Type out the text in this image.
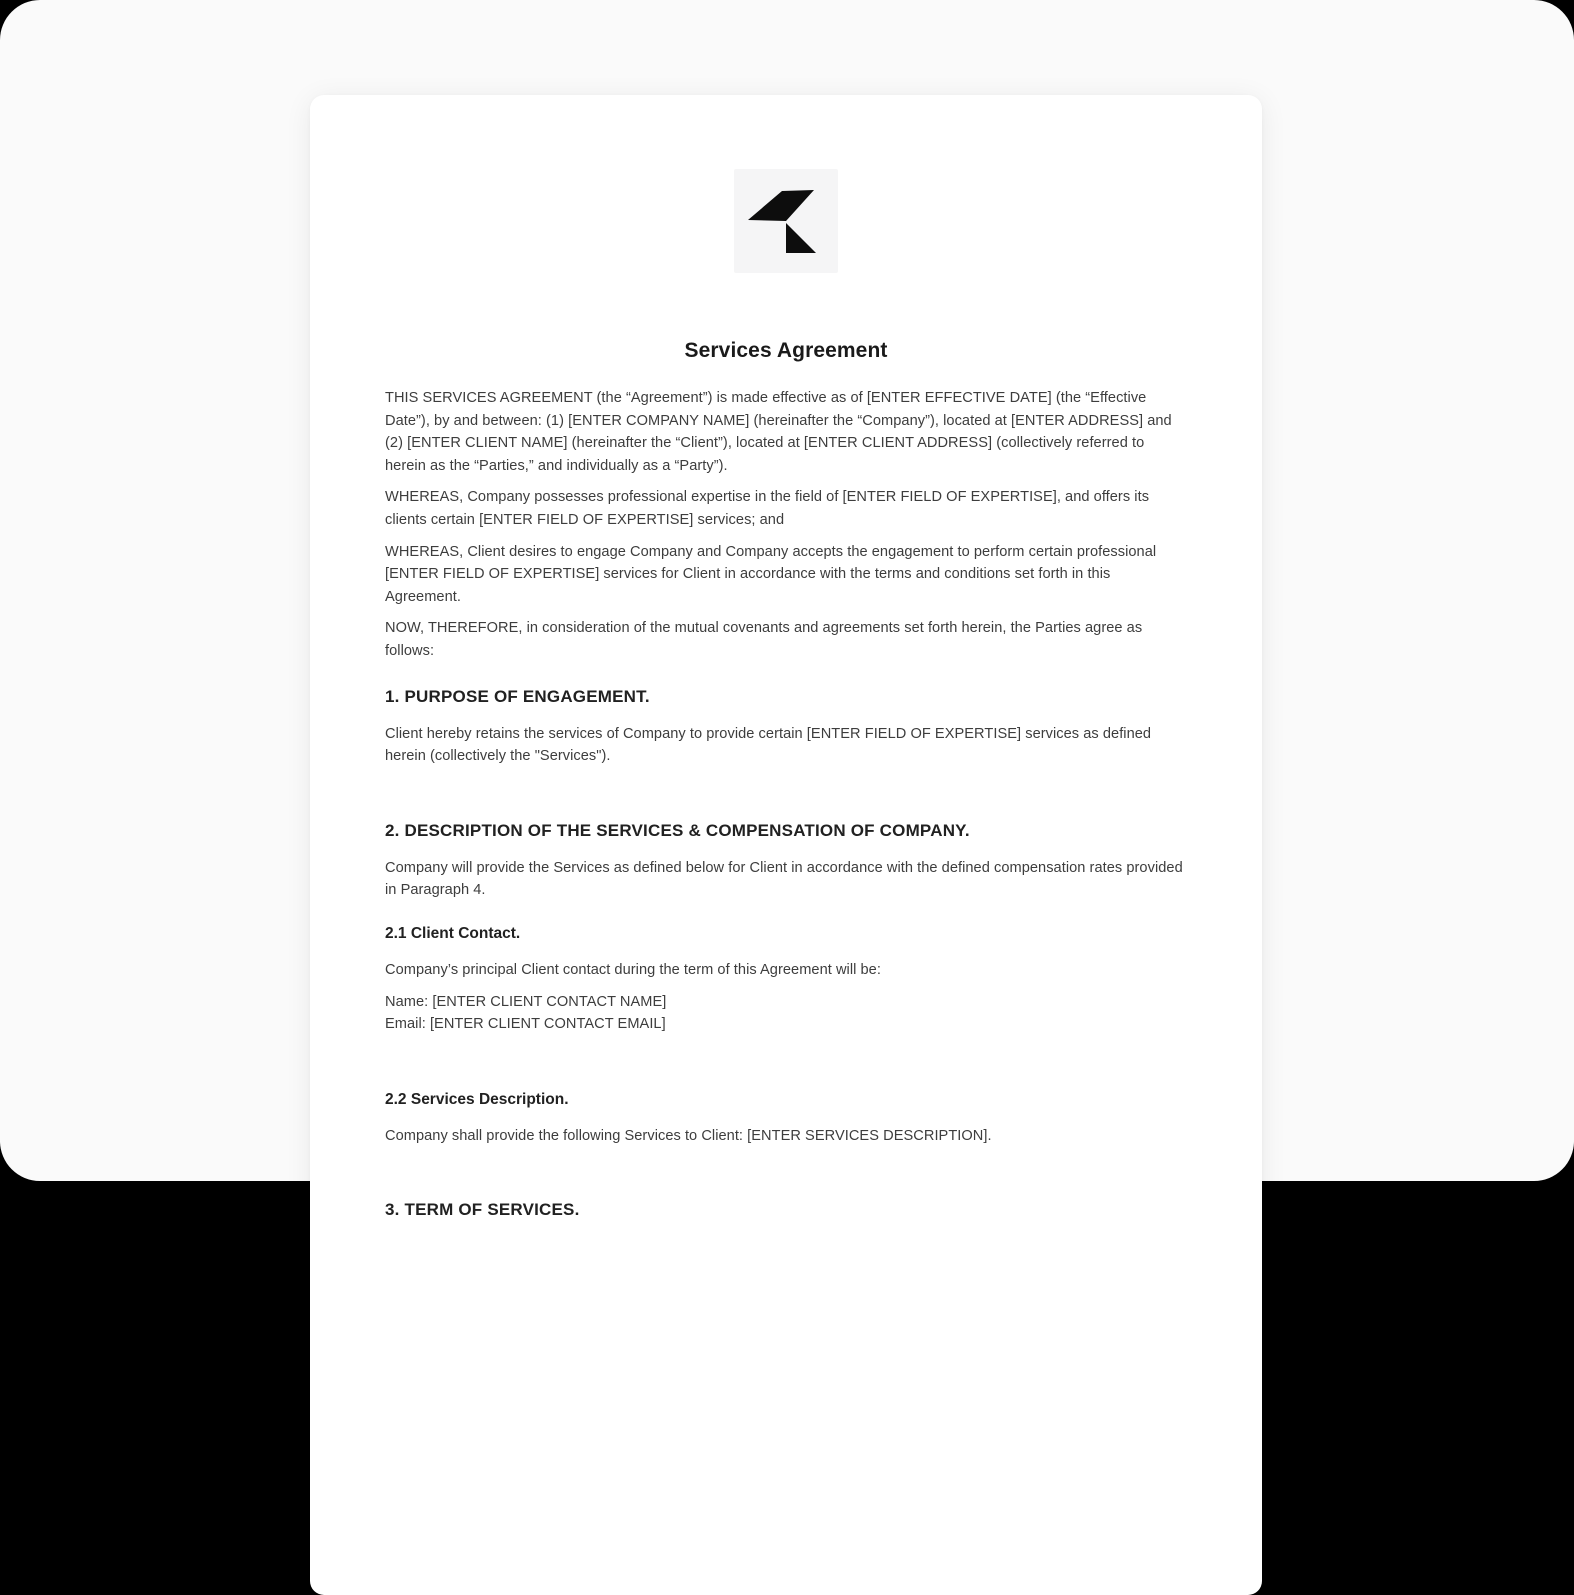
Services Agreement

THIS SERVICES AGREEMENT (the “Agreement”) is made effective as of [ENTER EFFECTIVE DATE] (the “Effective Date”), by and between: (1) [ENTER COMPANY NAME] (hereinafter the “Company”), located at [ENTER ADDRESS] and (2) [ENTER CLIENT NAME] (hereinafter the “Client”), located at [ENTER CLIENT ADDRESS] (collectively referred to herein as the “Parties,” and individually as a “Party”).

WHEREAS, Company possesses professional expertise in the field of [ENTER FIELD OF EXPERTISE], and offers its clients certain [ENTER FIELD OF EXPERTISE] services; and

WHEREAS, Client desires to engage Company and Company accepts the engagement to perform certain professional [ENTER FIELD OF EXPERTISE] services for Client in accordance with the terms and conditions set forth in this Agreement.

NOW, THEREFORE, in consideration of the mutual covenants and agreements set forth herein, the Parties agree as follows:

1. PURPOSE OF ENGAGEMENT.

Client hereby retains the services of Company to provide certain [ENTER FIELD OF EXPERTISE] services as defined herein (collectively the "Services").

2. DESCRIPTION OF THE SERVICES & COMPENSATION OF COMPANY.

Company will provide the Services as defined below for Client in accordance with the defined compensation rates provided in Paragraph 4.

2.1 Client Contact.

Company’s principal Client contact during the term of this Agreement will be:

Name: [ENTER CLIENT CONTACT NAME]
Email: [ENTER CLIENT CONTACT EMAIL]

2.2 Services Description.

Company shall provide the following Services to Client: [ENTER SERVICES DESCRIPTION].

3. TERM OF SERVICES.
